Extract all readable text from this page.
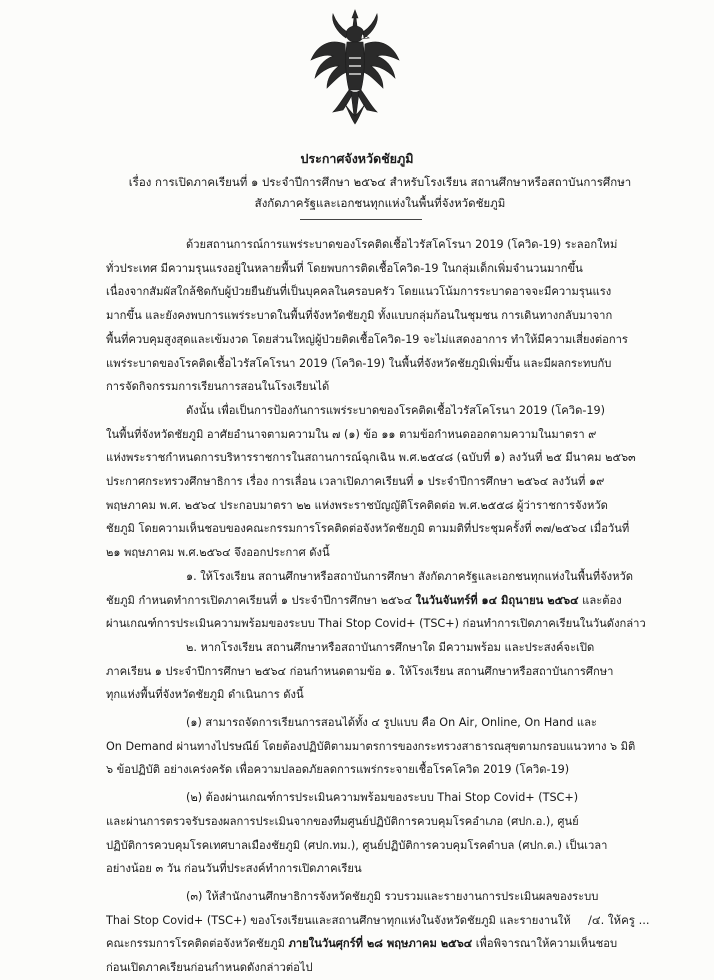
ประกาศจังหวัดชัยภูมิ
เรื่อง การเปิดภาคเรียนที่ ๑ ประจำปีการศึกษา ๒๕๖๔ สำหรับโรงเรียน สถานศึกษาหรือสถาบันการศึกษา
สังกัดภาครัฐและเอกชนทุกแห่งในพื้นที่จังหวัดชัยภูมิ
ด้วยสถานการณ์การแพร่ระบาดของโรคติดเชื้อไวรัสโคโรนา 2019 (โควิด-19) ระลอกใหม่
ทั่วประเทศ มีความรุนแรงอยู่ในหลายพื้นที่ โดยพบการติดเชื้อโควิด-19 ในกลุ่มเด็กเพิ่มจำนวนมากขึ้น
เนื่องจากสัมผัสใกล้ชิดกับผู้ป่วยยืนยันที่เป็นบุคคลในครอบครัว โดยแนวโน้มการระบาดอาจจะมีความรุนแรง
มากขึ้น และยังคงพบการแพร่ระบาดในพื้นที่จังหวัดชัยภูมิ ทั้งแบบกลุ่มก้อนในชุมชน การเดินทางกลับมาจาก
พื้นที่ควบคุมสูงสุดและเข้มงวด โดยส่วนใหญ่ผู้ป่วยติดเชื้อโควิด-19 จะไม่แสดงอาการ ทำให้มีความเสี่ยงต่อการ
แพร่ระบาดของโรคติดเชื้อไวรัสโคโรนา 2019 (โควิด-19) ในพื้นที่จังหวัดชัยภูมิเพิ่มขึ้น และมีผลกระทบกับ
การจัดกิจกรรมการเรียนการสอนในโรงเรียนได้
ดังนั้น เพื่อเป็นการป้องกันการแพร่ระบาดของโรคติดเชื้อไวรัสโคโรนา 2019 (โควิด-19)
ในพื้นที่จังหวัดชัยภูมิ อาศัยอำนาจตามความใน ๗ (๑) ข้อ ๑๑ ตามข้อกำหนดออกตามความในมาตรา ๙
แห่งพระราชกำหนดการบริหารราชการในสถานการณ์ฉุกเฉิน พ.ศ.๒๕๔๘ (ฉบับที่ ๑) ลงวันที่ ๒๕ มีนาคม ๒๕๖๓
ประกาศกระทรวงศึกษาธิการ เรื่อง การเลื่อน เวลาเปิดภาคเรียนที่ ๑ ประจำปีการศึกษา ๒๕๖๔ ลงวันที่ ๑๙
พฤษภาคม พ.ศ. ๒๕๖๔ ประกอบมาตรา ๒๒ แห่งพระราชบัญญัติโรคติดต่อ พ.ศ.๒๕๕๘ ผู้ว่าราชการจังหวัด
ชัยภูมิ โดยความเห็นชอบของคณะกรรมการโรคติดต่อจังหวัดชัยภูมิ ตามมติที่ประชุมครั้งที่ ๓๗/๒๕๖๔ เมื่อวันที่
๒๑ พฤษภาคม พ.ศ.๒๕๖๔ จึงออกประกาศ ดังนี้
๑. ให้โรงเรียน สถานศึกษาหรือสถาบันการศึกษา สังกัดภาครัฐและเอกชนทุกแห่งในพื้นที่จังหวัด
ชัยภูมิ กำหนดทำการเปิดภาคเรียนที่ ๑ ประจำปีการศึกษา ๒๕๖๔ ในวันจันทร์ที่ ๑๔ มิถุนายน ๒๕๖๔ และต้อง
ผ่านเกณฑ์การประเมินความพร้อมของระบบ Thai Stop Covid+ (TSC+) ก่อนทำการเปิดภาคเรียนในวันดังกล่าว
๒. หากโรงเรียน สถานศึกษาหรือสถาบันการศึกษาใด มีความพร้อม และประสงค์จะเปิด
ภาคเรียน ๑ ประจำปีการศึกษา ๒๕๖๔ ก่อนกำหนดตามข้อ ๑. ให้โรงเรียน สถานศึกษาหรือสถาบันการศึกษา
ทุกแห่งพื้นที่จังหวัดชัยภูมิ ดำเนินการ ดังนี้
(๑) สามารถจัดการเรียนการสอนได้ทั้ง ๔ รูปแบบ คือ On Air, Online, On Hand และ
On Demand ผ่านทางไปรษณีย์ โดยต้องปฏิบัติตามมาตรการของกระทรวงสาธารณสุขตามกรอบแนวทาง ๖ มิติ
๖ ข้อปฏิบัติ อย่างเคร่งครัด เพื่อความปลอดภัยลดการแพร่กระจายเชื้อโรคโควิด 2019 (โควิด-19)
(๒) ต้องผ่านเกณฑ์การประเมินความพร้อมของระบบ Thai Stop Covid+ (TSC+)
และผ่านการตรวจรับรองผลการประเมินจากของทีมศูนย์ปฏิบัติการควบคุมโรคอำเภอ (ศปก.อ.), ศูนย์
ปฏิบัติการควบคุมโรคเทศบาลเมืองชัยภูมิ (ศปก.ทม.), ศูนย์ปฏิบัติการควบคุมโรคตำบล (ศปก.ต.) เป็นเวลา
อย่างน้อย ๓ วัน ก่อนวันที่ประสงค์ทำการเปิดภาคเรียน
(๓) ให้สำนักงานศึกษาธิการจังหวัดชัยภูมิ รวบรวมและรายงานการประเมินผลของระบบ
Thai Stop Covid+ (TSC+) ของโรงเรียนและสถานศึกษาทุกแห่งในจังหวัดชัยภูมิ และรายงานให้
คณะกรรมการโรคติดต่อจังหวัดชัยภูมิ ภายในวันศุกร์ที่ ๒๘ พฤษภาคม ๒๕๖๔ เพื่อพิจารณาให้ความเห็นชอบ
ก่อนเปิดภาคเรียนก่อนกำหนดดังกล่าวต่อไป
/๔. ให้ครู ...
